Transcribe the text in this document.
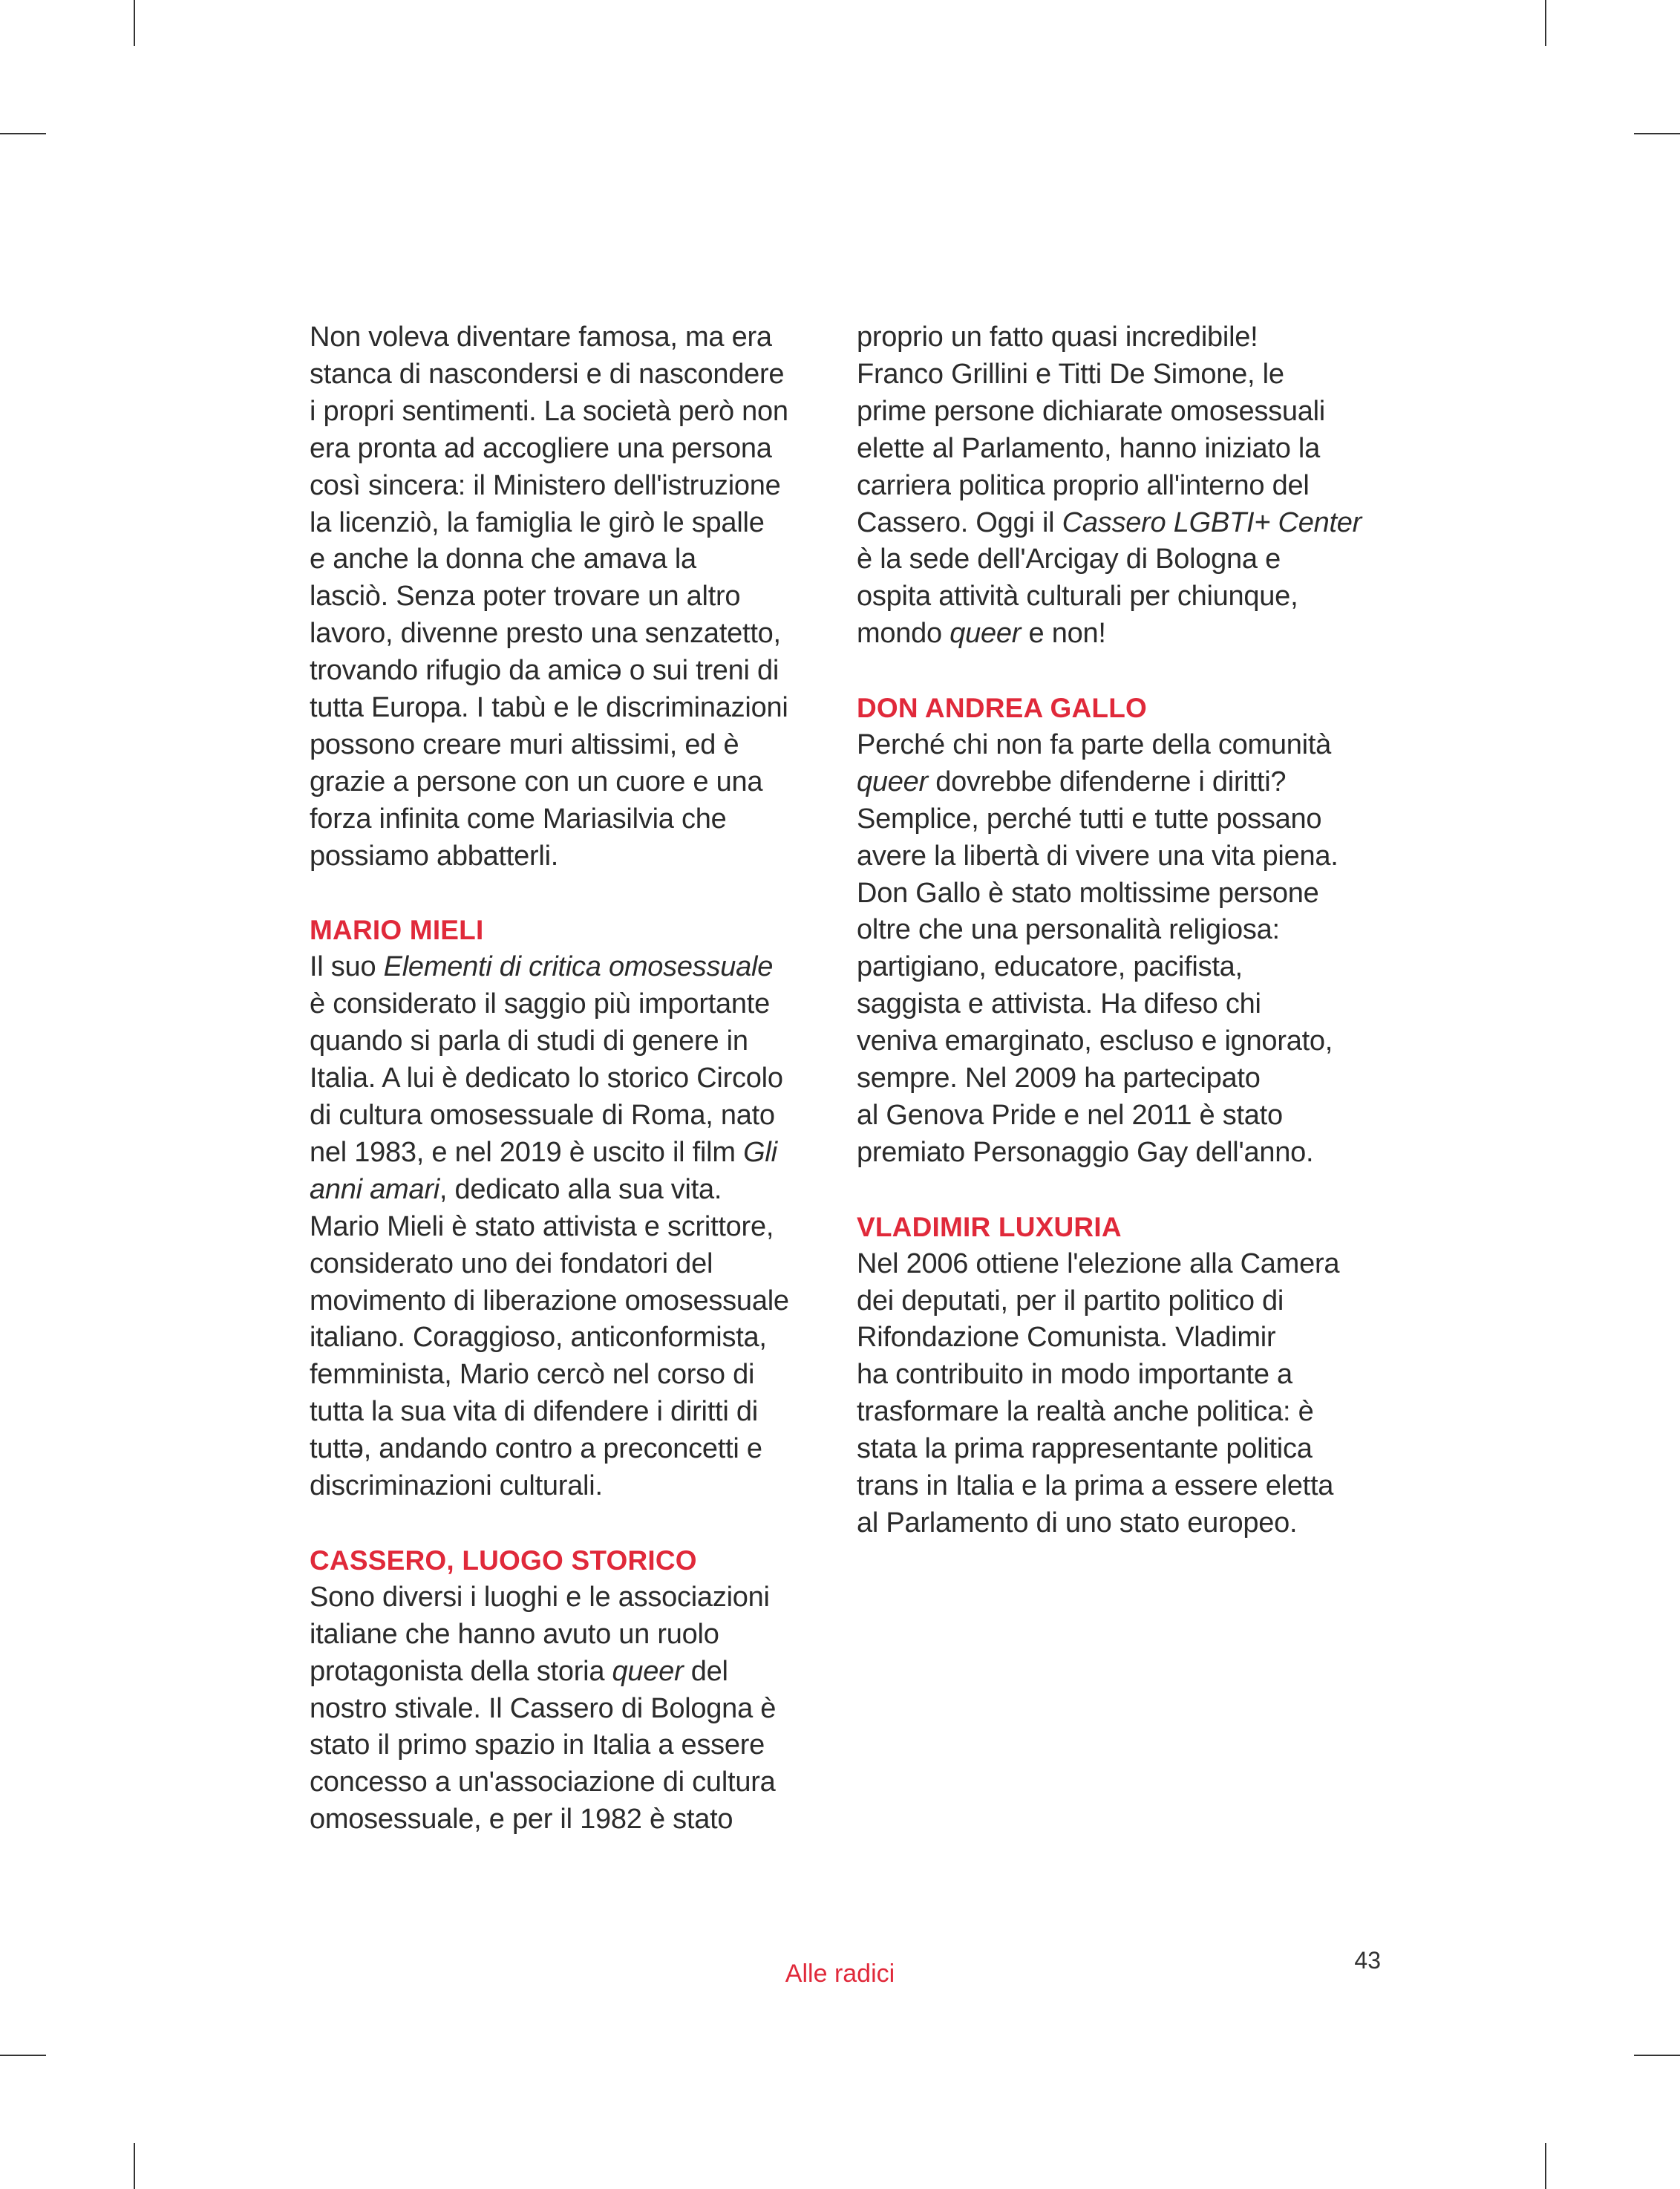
Non voleva diventare famosa, ma era
stanca di nascondersi e di nascondere
i propri sentimenti. La società però non
era pronta ad accogliere una persona
così sincera: il Ministero dell'istruzione
la licenziò, la famiglia le girò le spalle
e anche la donna che amava la
lasciò. Senza poter trovare un altro
lavoro, divenne presto una senzatetto,
trovando rifugio da amicə o sui treni di
tutta Europa. I tabù e le discriminazioni
possono creare muri altissimi, ed è
grazie a persone con un cuore e una
forza infinita come Mariasilvia che
possiamo abbatterli.
MARIO MIELI
Il suo Elementi di critica omosessuale
è considerato il saggio più importante
quando si parla di studi di genere in
Italia. A lui è dedicato lo storico Circolo
di cultura omosessuale di Roma, nato
nel 1983, e nel 2019 è uscito il film Gli
anni amari, dedicato alla sua vita.
Mario Mieli è stato attivista e scrittore,
considerato uno dei fondatori del
movimento di liberazione omosessuale
italiano. Coraggioso, anticonformista,
femminista, Mario cercò nel corso di
tutta la sua vita di difendere i diritti di
tuttə, andando contro a preconcetti e
discriminazioni culturali.
CASSERO, LUOGO STORICO
Sono diversi i luoghi e le associazioni
italiane che hanno avuto un ruolo
protagonista della storia queer del
nostro stivale. Il Cassero di Bologna è
stato il primo spazio in Italia a essere
concesso a un'associazione di cultura
omosessuale, e per il 1982 è stato
proprio un fatto quasi incredibile!
Franco Grillini e Titti De Simone, le
prime persone dichiarate omosessuali
elette al Parlamento, hanno iniziato la
carriera politica proprio all'interno del
Cassero. Oggi il Cassero LGBTI+ Center
è la sede dell'Arcigay di Bologna e
ospita attività culturali per chiunque,
mondo queer e non!
DON ANDREA GALLO
Perché chi non fa parte della comunità
queer dovrebbe difenderne i diritti?
Semplice, perché tutti e tutte possano
avere la libertà di vivere una vita piena.
Don Gallo è stato moltissime persone
oltre che una personalità religiosa:
partigiano, educatore, pacifista,
saggista e attivista. Ha difeso chi
veniva emarginato, escluso e ignorato,
sempre. Nel 2009 ha partecipato
al Genova Pride e nel 2011 è stato
premiato Personaggio Gay dell'anno.
VLADIMIR LUXURIA
Nel 2006 ottiene l'elezione alla Camera
dei deputati, per il partito politico di
Rifondazione Comunista. Vladimir
ha contribuito in modo importante a
trasformare la realtà anche politica: è
stata la prima rappresentante politica
trans in Italia e la prima a essere eletta
al Parlamento di uno stato europeo.
43
Alle radici
